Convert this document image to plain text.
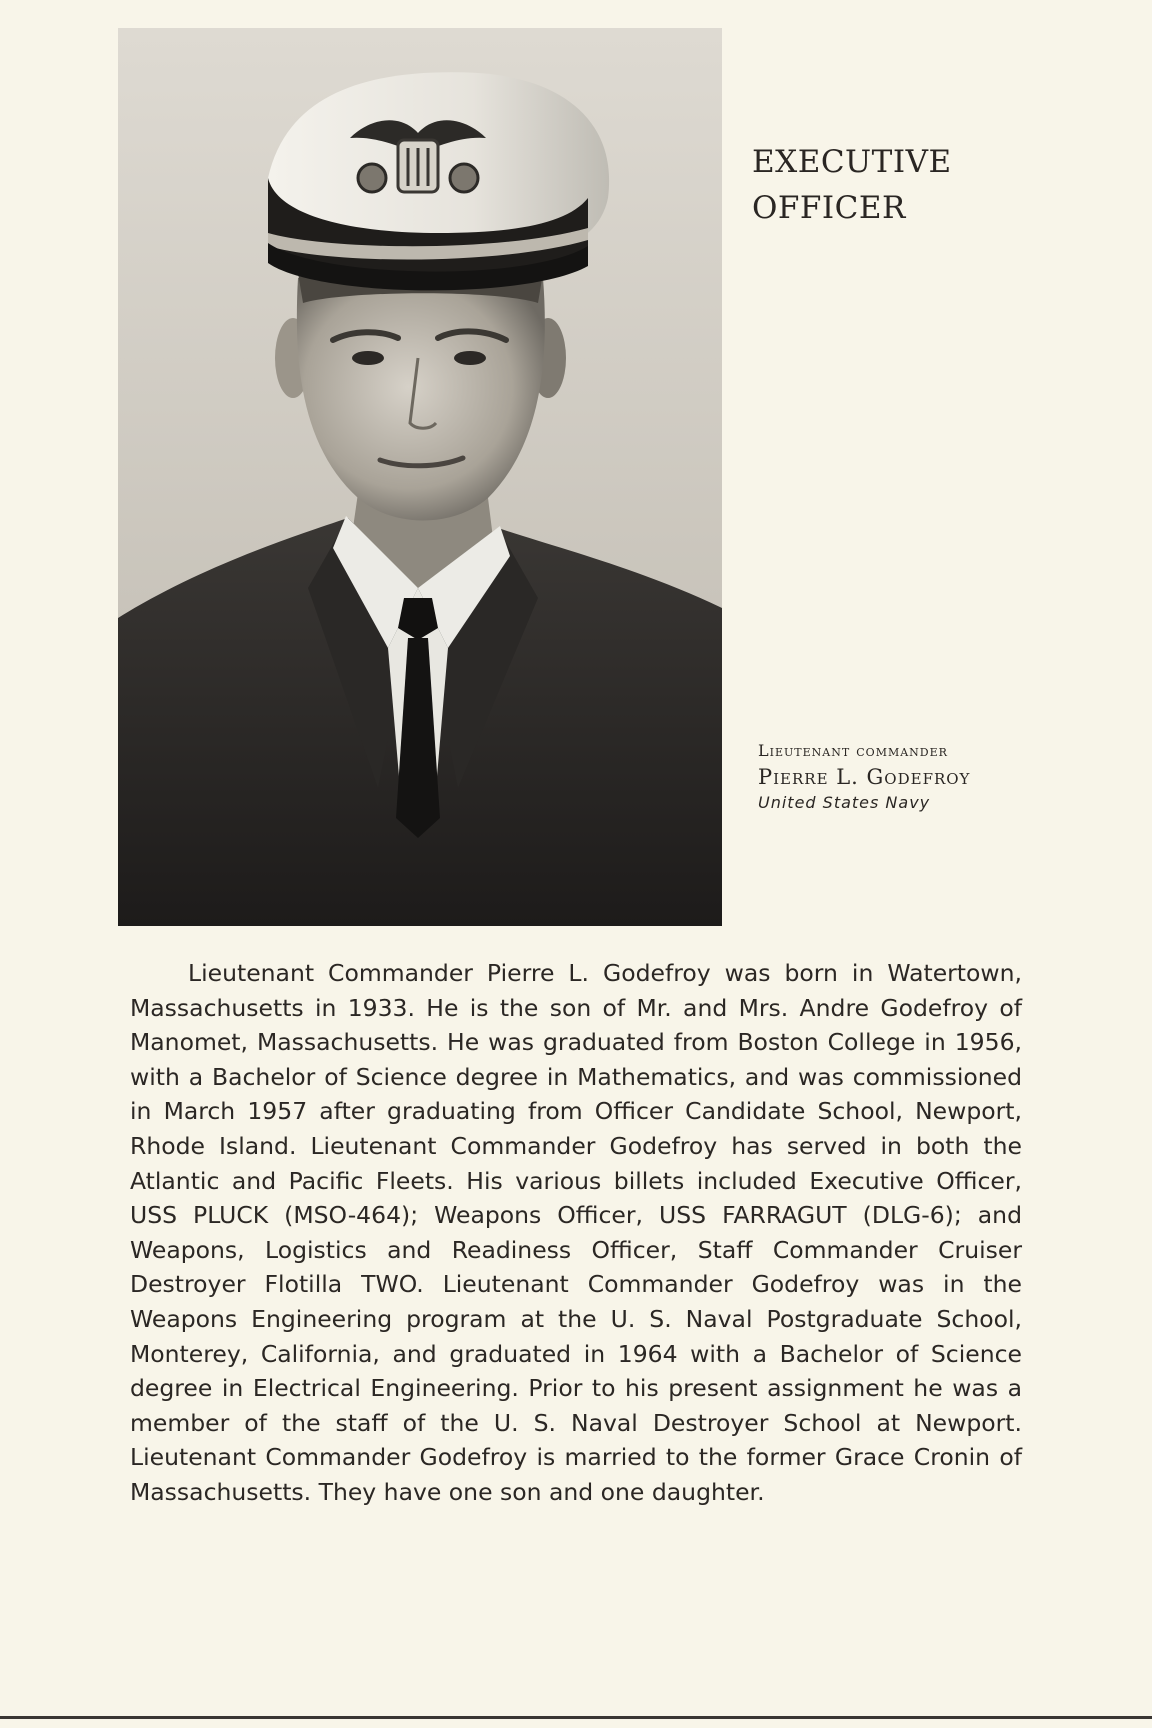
EXECUTIVE
OFFICER
Lieutenant commander
Pierre L. Godefroy
United States Navy

Lieutenant Commander Pierre L. Godefroy was born in Watertown, Massachusetts in 1933. He is the son of Mr. and Mrs. Andre Godefroy of Manomet, Massachusetts. He was graduated from Boston College in 1956, with a Bachelor of Science degree in Mathematics, and was commissioned in March 1957 after graduating from Officer Candidate School, Newport, Rhode Island. Lieutenant Commander Godefroy has served in both the Atlantic and Pacific Fleets. His various billets included Executive Officer, USS PLUCK (MSO-464); Weapons Officer, USS FARRAGUT (DLG-6); and Weapons, Logistics and Readiness Officer, Staff Commander Cruiser Destroyer Flotilla TWO. Lieutenant Commander Godefroy was in the Weapons Engineering program at the U. S. Naval Postgraduate School, Monterey, California, and graduated in 1964 with a Bachelor of Science degree in Electrical Engineering. Prior to his present assignment he was a member of the staff of the U. S. Naval Destroyer School at Newport. Lieutenant Commander Godefroy is married to the former Grace Cronin of Massachusetts. They have one son and one daughter.
